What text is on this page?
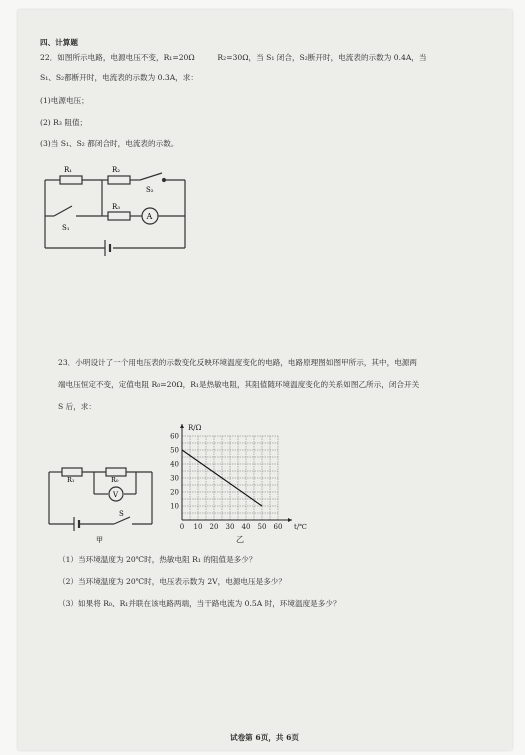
四、计算题
22．如图所示电路，电源电压不变，R₁=20Ω　　　R₂=30Ω，当 S₁ 闭合，S₂断开时，电流表的示数为 0.4A，当
S₁、S₂都断开时，电流表的示数为 0.3A，求：
(1)电源电压；
(2) R₃ 阻值；
(3)当 S₁、S₂ 都闭合时，电流表的示数。
R₁	R₂
R₃
S₁
S₂
A
23．小明设计了一个用电压表的示数变化反映环境温度变化的电路，电路原理图如图甲所示，其中，电源两
端电压恒定不变，定值电阻 R₀=20Ω，R₁是热敏电阻，其阻值随环境温度变化的关系如图乙所示，闭合开关
S 后，求：
R₁	R₀
V
S
甲
0 10 20 30 40 50 60
10
20
30
40
50
60
R/Ω
t/℃
乙
（1）当环境温度为 20℃时，热敏电阻 R₁ 的阻值是多少？
（2）当环境温度为 20℃时，电压表示数为 2V，电源电压是多少？
（3）如果将 R₀、R₁并联在该电路两端，当干路电流为 0.5A 时，环境温度是多少？
试卷第 6页，共 6页
